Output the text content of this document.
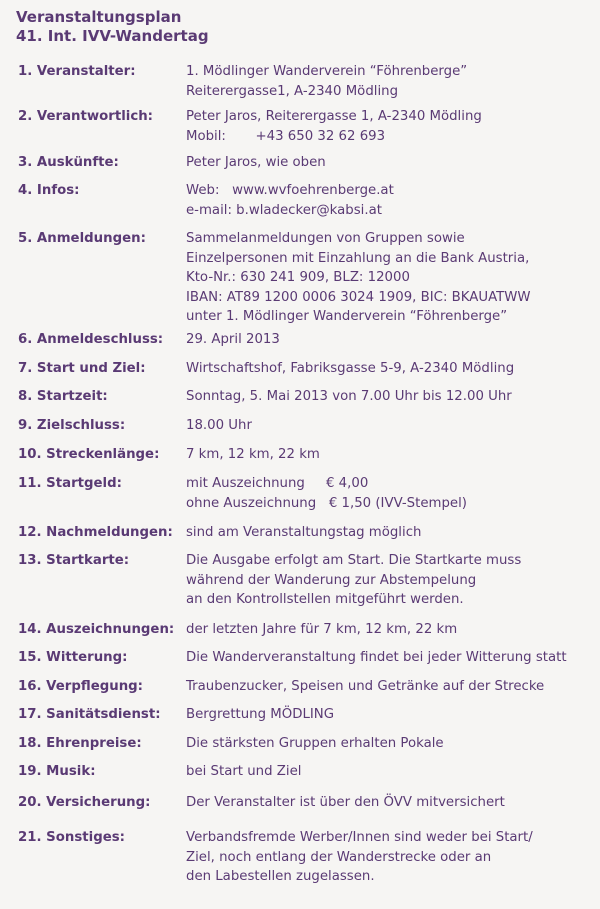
Veranstaltungsplan
41. Int. IVV-Wandertag
1. Veranstalter:	1. Mödlinger Wanderverein “Föhrenberge”
Reiterergasse1, A-2340 Mödling
2. Verantwortlich: Peter Jaros, Reiterergasse 1, A-2340 Mödling
Mobil:       +43 650 32 62 693
3. Auskünfte:	Peter Jaros, wie oben
4. Infos:	Web:   www.wvfoehrenberge.at
e-mail: b.wladecker@kabsi.at
5. Anmeldungen:	Sammelanmeldungen von Gruppen sowie
Einzelpersonen mit Einzahlung an die Bank Austria,
Kto-Nr.: 630 241 909, BLZ: 12000
IBAN: AT89 1200 0006 3024 1909, BIC: BKAUATWW
unter 1. Mödlinger Wanderverein “Föhrenberge”
6. Anmeldeschluss: 29. April 2013
7. Start und Ziel:	Wirtschaftshof, Fabriksgasse 5-9, A-2340 Mödling
8. Startzeit:	Sonntag, 5. Mai 2013 von 7.00 Uhr bis 12.00 Uhr
9. Zielschluss:	18.00 Uhr
10. Streckenlänge: 7 km, 12 km, 22 km
11. Startgeld:	mit Auszeichnung     € 4,00
ohne Auszeichnung   € 1,50 (IVV-Stempel)
12. Nachmeldungen: sind am Veranstaltungstag möglich
13. Startkarte:	Die Ausgabe erfolgt am Start. Die Startkarte muss
während der Wanderung zur Abstempelung
an den Kontrollstellen mitgeführt werden.
14. Auszeichnungen: der letzten Jahre für 7 km, 12 km, 22 km
15. Witterung:	Die Wanderveranstaltung findet bei jeder Witterung statt
16. Verpflegung:	Traubenzucker, Speisen und Getränke auf der Strecke
17. Sanitätsdienst: Bergrettung MÖDLING
18. Ehrenpreise:	Die stärksten Gruppen erhalten Pokale
19. Musik:	bei Start und Ziel
20. Versicherung:	Der Veranstalter ist über den ÖVV mitversichert
21. Sonstiges:	Verbandsfremde Werber/Innen sind weder bei Start/
Ziel, noch entlang der Wanderstrecke oder an
den Labestellen zugelassen.
